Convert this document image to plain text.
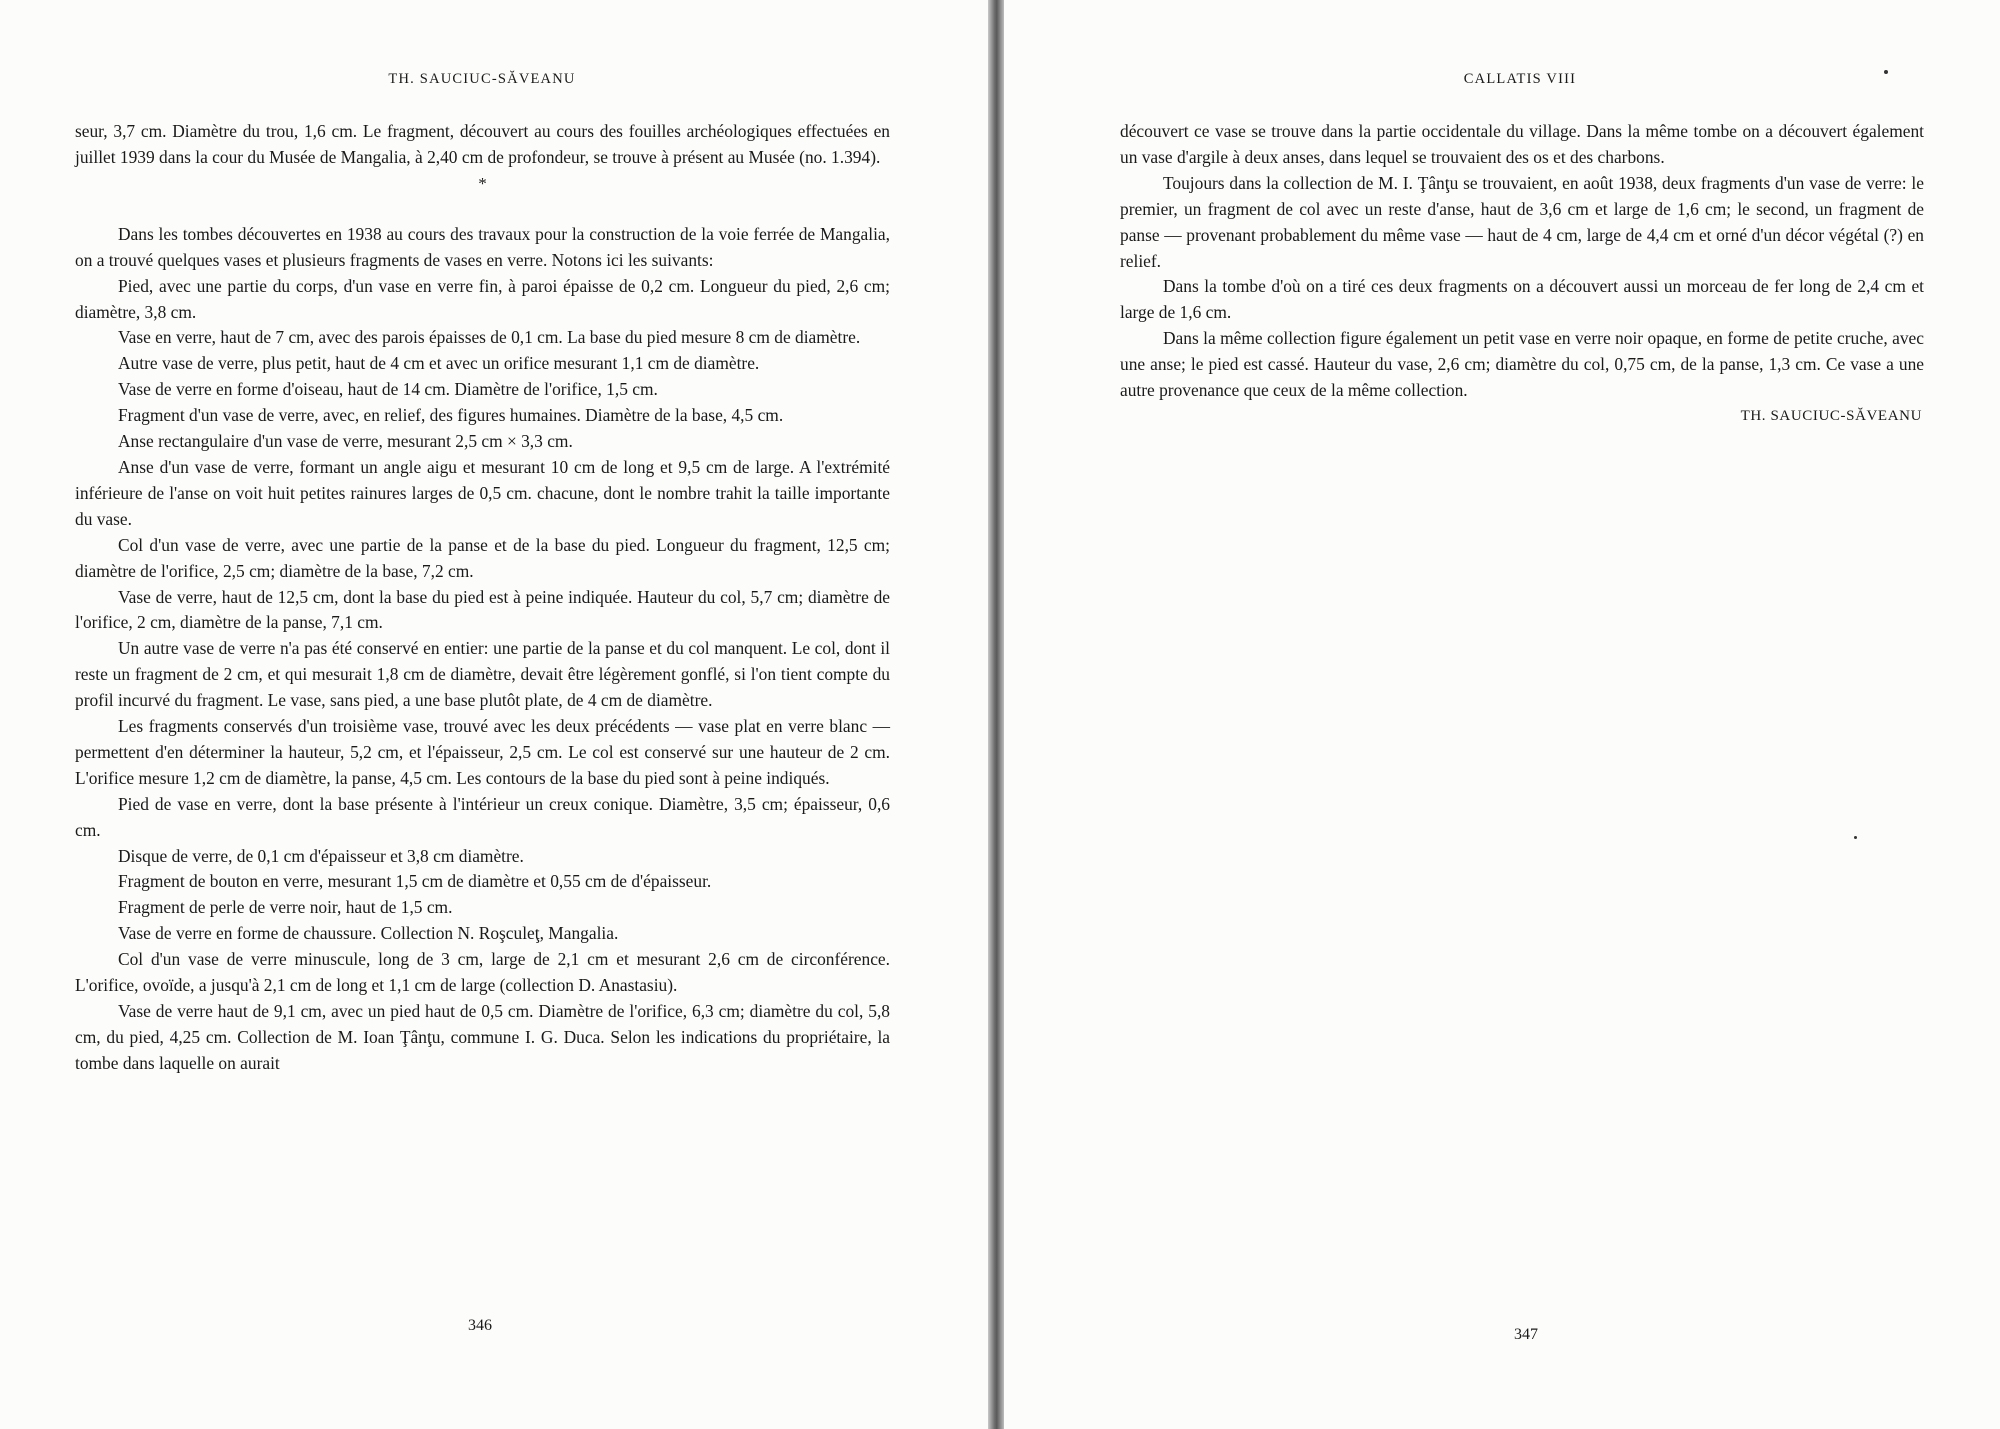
TH. SAUCIUC-SĂVEANU

seur, 3,7 cm. Diamètre du trou, 1,6 cm. Le fragment, découvert au cours des fouilles archéologiques effectuées en juillet 1939 dans la cour du Musée de Mangalia, à 2,40 cm de profondeur, se trouve à présent au Musée (no. 1.394).

*

Dans les tombes découvertes en 1938 au cours des travaux pour la construction de la voie ferrée de Mangalia, on a trouvé quelques vases et plusieurs fragments de vases en verre. Notons ici les suivants:

Pied, avec une partie du corps, d'un vase en verre fin, à paroi épaisse de 0,2 cm. Longueur du pied, 2,6 cm; diamètre, 3,8 cm.

Vase en verre, haut de 7 cm, avec des parois épaisses de 0,1 cm. La base du pied mesure 8 cm de diamètre.

Autre vase de verre, plus petit, haut de 4 cm et avec un orifice mesurant 1,1 cm de diamètre.

Vase de verre en forme d'oiseau, haut de 14 cm. Diamètre de l'orifice, 1,5 cm.

Fragment d'un vase de verre, avec, en relief, des figures humaines. Diamètre de la base, 4,5 cm.

Anse rectangulaire d'un vase de verre, mesurant 2,5 cm × 3,3 cm.

Anse d'un vase de verre, formant un angle aigu et mesurant 10 cm de long et 9,5 cm de large. A l'extrémité inférieure de l'anse on voit huit petites rainures larges de 0,5 cm. chacune, dont le nombre trahit la taille importante du vase.

Col d'un vase de verre, avec une partie de la panse et de la base du pied. Longueur du fragment, 12,5 cm; diamètre de l'orifice, 2,5 cm; diamètre de la base, 7,2 cm.

Vase de verre, haut de 12,5 cm, dont la base du pied est à peine indiquée. Hauteur du col, 5,7 cm; diamètre de l'orifice, 2 cm, diamètre de la panse, 7,1 cm.

Un autre vase de verre n'a pas été conservé en entier: une partie de la panse et du col manquent. Le col, dont il reste un fragment de 2 cm, et qui mesurait 1,8 cm de diamètre, devait être légèrement gonflé, si l'on tient compte du profil incurvé du fragment. Le vase, sans pied, a une base plutôt plate, de 4 cm de diamètre.

Les fragments conservés d'un troisième vase, trouvé avec les deux précédents — vase plat en verre blanc — permettent d'en déterminer la hauteur, 5,2 cm, et l'épaisseur, 2,5 cm. Le col est conservé sur une hauteur de 2 cm. L'orifice mesure 1,2 cm de diamètre, la panse, 4,5 cm. Les contours de la base du pied sont à peine indiqués.

Pied de vase en verre, dont la base présente à l'intérieur un creux conique. Diamètre, 3,5 cm; épaisseur, 0,6 cm.

Disque de verre, de 0,1 cm d'épaisseur et 3,8 cm diamètre.

Fragment de bouton en verre, mesurant 1,5 cm de diamètre et 0,55 cm de d'épaisseur.

Fragment de perle de verre noir, haut de 1,5 cm.

Vase de verre en forme de chaussure. Collection N. Roşculeţ, Mangalia.

Col d'un vase de verre minuscule, long de 3 cm, large de 2,1 cm et mesurant 2,6 cm de circonférence. L'orifice, ovoïde, a jusqu'à 2,1 cm de long et 1,1 cm de large (collection D. Anastasiu).

Vase de verre haut de 9,1 cm, avec un pied haut de 0,5 cm. Diamètre de l'orifice, 6,3 cm; diamètre du col, 5,8 cm, du pied, 4,25 cm. Collection de M. Ioan Ţânţu, commune I. G. Duca. Selon les indications du propriétaire, la tombe dans laquelle on aurait

346
CALLATIS VIII

découvert ce vase se trouve dans la partie occidentale du village. Dans la même tombe on a découvert également un vase d'argile à deux anses, dans lequel se trouvaient des os et des charbons.

Toujours dans la collection de M. I. Ţânţu se trouvaient, en août 1938, deux fragments d'un vase de verre: le premier, un fragment de col avec un reste d'anse, haut de 3,6 cm et large de 1,6 cm; le second, un fragment de panse — provenant probablement du même vase — haut de 4 cm, large de 4,4 cm et orné d'un décor végétal (?) en relief.

Dans la tombe d'où on a tiré ces deux fragments on a découvert aussi un morceau de fer long de 2,4 cm et large de 1,6 cm.

Dans la même collection figure également un petit vase en verre noir opaque, en forme de petite cruche, avec une anse; le pied est cassé. Hauteur du vase, 2,6 cm; diamètre du col, 0,75 cm, de la panse, 1,3 cm. Ce vase a une autre provenance que ceux de la même collection.

TH. SAUCIUC-SĂVEANU

347
